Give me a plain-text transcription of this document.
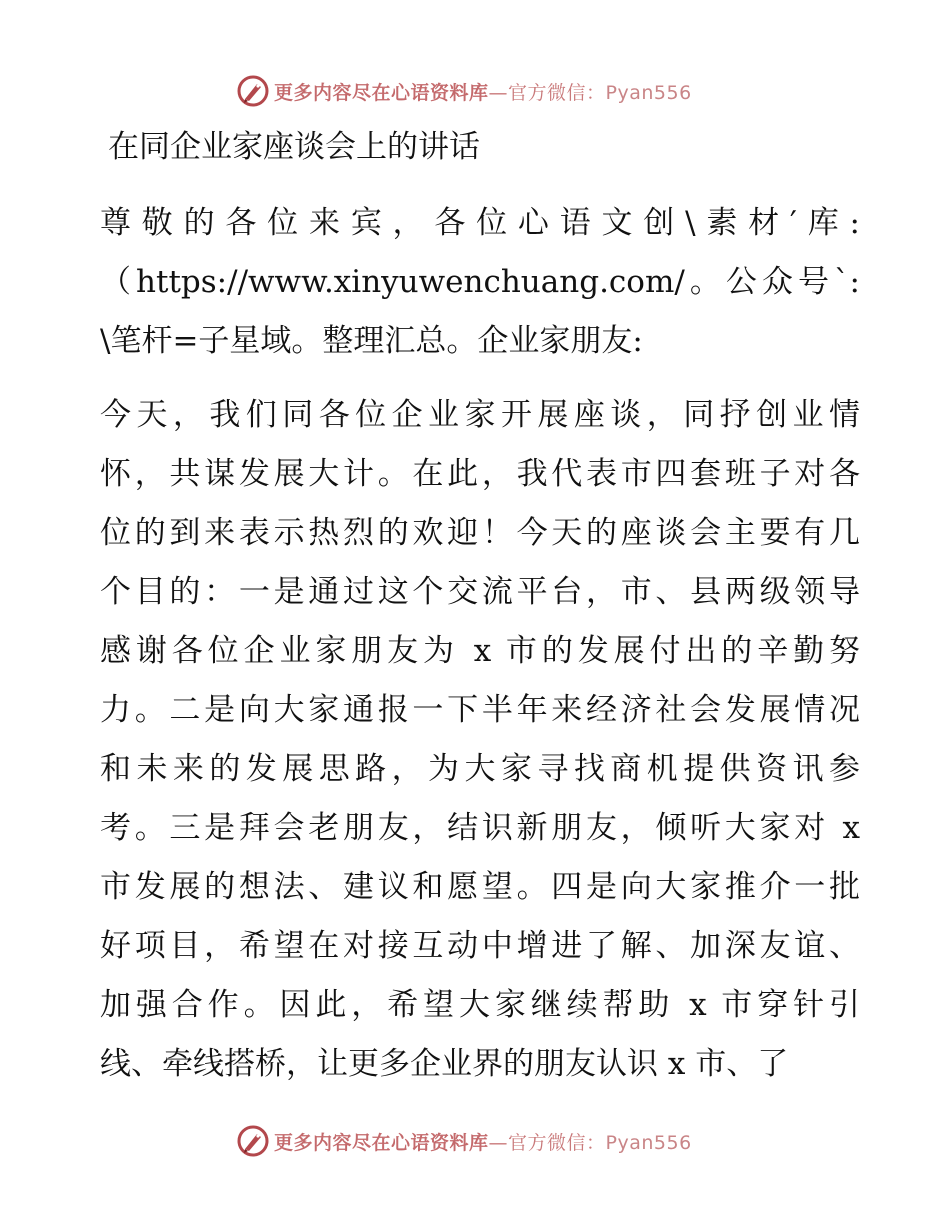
更多内容尽在心语资料库—官方微信：Pyan556
在同企业家座谈会上的讲话

尊敬的各位来宾，各位心语文创\素材′库:
（https://www.xinyuwenchuang.com/。公众号`:
\笔杆=子星域。整理汇总。企业家朋友:

今天，我们同各位企业家开展座谈，同抒创业情
怀，共谋发展大计。在此，我代表市四套班子对各
位的到来表示热烈的欢迎！今天的座谈会主要有几
个目的：一是通过这个交流平台，市、县两级领导
感谢各位企业家朋友为 x 市的发展付出的辛勤努
力。二是向大家通报一下半年来经济社会发展情况
和未来的发展思路，为大家寻找商机提供资讯参
考。三是拜会老朋友，结识新朋友，倾听大家对 x
市发展的想法、建议和愿望。四是向大家推介一批
好项目，希望在对接互动中增进了解、加深友谊、
加强合作。因此，希望大家继续帮助 x 市穿针引
线、牵线搭桥，让更多企业界的朋友认识 x 市、了

更多内容尽在心语资料库—官方微信：Pyan556
